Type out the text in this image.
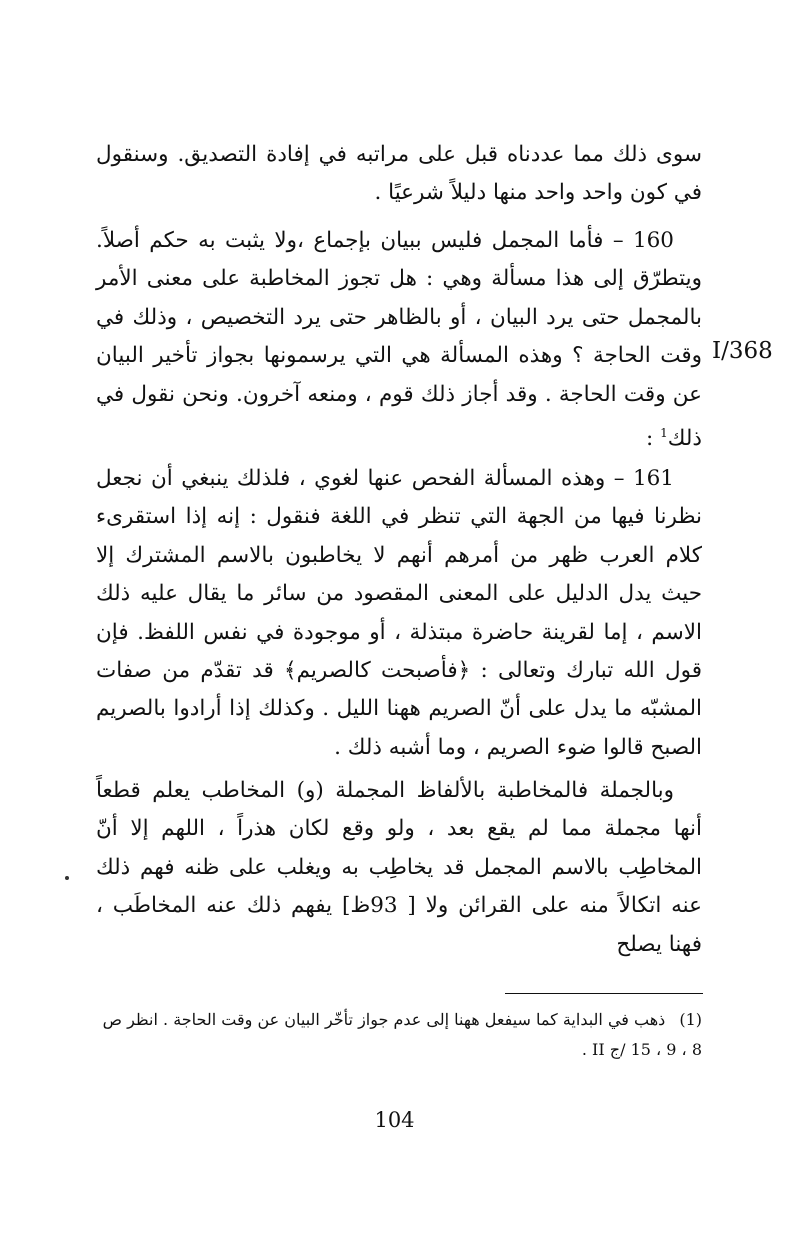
سوى ذلك مما عددناه قبل على مراتبه في إفادة التصديق. وسنقول في كون واحد واحد منها دليلاً شرعيًا .

160 – فأما المجمل فليس ببيان بإجماع ،ولا يثبت به حكم أصلاً. ويتطرّق إلى هذا مسألة وهي : هل تجوز المخاطبة على معنى الأمر بالمجمل حتى يرد البيان ، أو بالظاهر حتى يرد التخصيص ، وذلك في وقت الحاجة ؟ وهذه المسألة هي التي يرسمونها بجواز تأخير البيان عن وقت الحاجة . وقد أجاز ذلك قوم ، ومنعه آخرون. ونحن نقول في ذلك$^1$ :

161 – وهذه المسألة الفحص عنها لغوي ، فلذلك ينبغي أن نجعل نظرنا فيها من الجهة التي تنظر في اللغة فنقول : إنه إذا استقرىء كلام العرب ظهر من أمرهم أنهم لا يخاطبون بالاسم المشترك إلا حيث يدل الدليل على المعنى المقصود من سائر ما يقال عليه ذلك الاسم ، إما لقرينة حاضرة مبتذلة ، أو موجودة في نفس اللفظ. فإن قول الله تبارك وتعالى : ﴿فأصبحت كالصريم﴾ قد تقدّم من صفات المشبّه ما يدل على أنّ الصريم ههنا الليل . وكذلك إذا أرادوا بالصريم الصبح قالوا ضوء الصريم ، وما أشبه ذلك .

وبالجملة فالمخاطبة بالألفاظ المجملة (و) المخاطب يعلم قطعاً أنها مجملة مما لم يقع بعد ، ولو وقع لكان هذراً ، اللهم إلا أنّ المخاطِب بالاسم المجمل قد يخاطِب به ويغلب على ظنه فهم ذلك عنه اتكالاً منه على القرائن ولا [ 93ظ] يفهم ذلك عنه المخاطَب ، فهنا يصلح

I/368
(1)ذهب في البداية كما سيفعل ههنا إلى عدم جواز تأخّر البيان عن وقت الحاجة . انظر ص 8 ، 9 ، 15 /ج II .
104
